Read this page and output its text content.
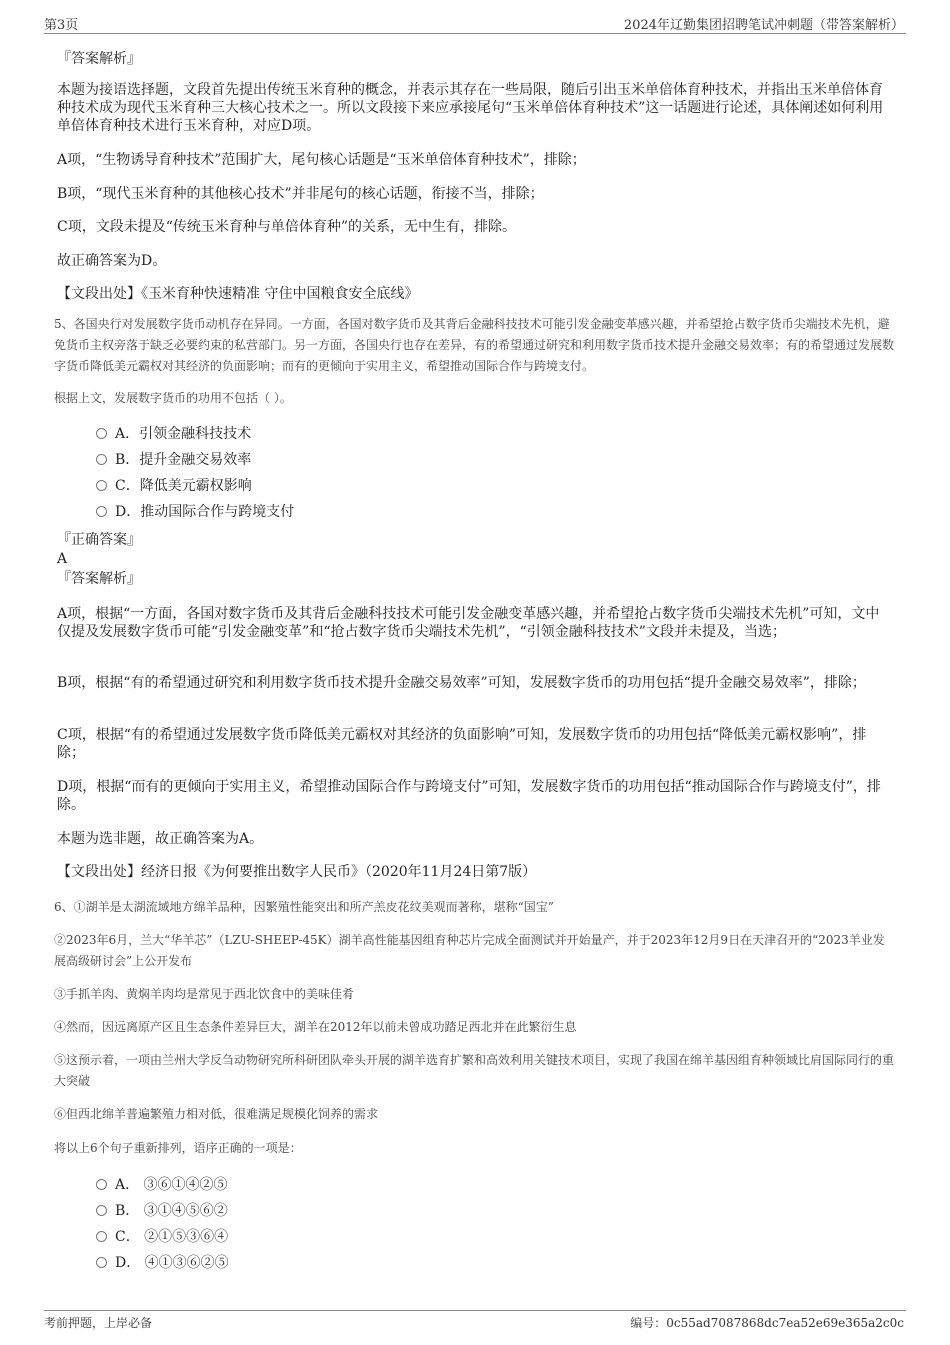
第3页	2024年辽勤集团招聘笔试冲刺题（带答案解析）
『答案解析』
本题为接语选择题，文段首先提出传统玉米育种的概念，并表示其存在一些局限，随后引出玉米单倍体育种技术，并指出玉米单倍体育种技术成为现代玉米育种三大核心技术之一。所以文段接下来应承接尾句“玉米单倍体育种技术”这一话题进行论述，具体阐述如何利用单倍体育种技术进行玉米育种，对应D项。
A项，“生物诱导育种技术”范围扩大，尾句核心话题是“玉米单倍体育种技术”，排除；
B项，“现代玉米育种的其他核心技术”并非尾句的核心话题，衔接不当，排除；
C项，文段未提及“传统玉米育种与单倍体育种”的关系，无中生有，排除。
故正确答案为D。
【文段出处】《玉米育种快速精准 守住中国粮食安全底线》
5、各国央行对发展数字货币动机存在异同。一方面，各国对数字货币及其背后金融科技技术可能引发金融变革感兴趣，并希望抢占数字货币尖端技术先机，避免货币主权旁落于缺乏必要约束的私营部门。另一方面，各国央行也存在差异，有的希望通过研究和利用数字货币技术提升金融交易效率；有的希望通过发展数字货币降低美元霸权对其经济的负面影响；而有的更倾向于实用主义，希望推动国际合作与跨境支付。
根据上文，发展数字货币的功用不包括（ ）。
A．引领金融科技技术
B．提升金融交易效率
C．降低美元霸权影响
D．推动国际合作与跨境支付
『正确答案』
A
『答案解析』
A项，根据“一方面，各国对数字货币及其背后金融科技技术可能引发金融变革感兴趣，并希望抢占数字货币尖端技术先机”可知，文中仅提及发展数字货币可能“引发金融变革”和“抢占数字货币尖端技术先机”，“引领金融科技技术”文段并未提及，当选；
B项，根据“有的希望通过研究和利用数字货币技术提升金融交易效率”可知，发展数字货币的功用包括“提升金融交易效率”，排除；
C项，根据“有的希望通过发展数字货币降低美元霸权对其经济的负面影响”可知，发展数字货币的功用包括“降低美元霸权影响”，排除；
D项，根据“而有的更倾向于实用主义，希望推动国际合作与跨境支付”可知，发展数字货币的功用包括“推动国际合作与跨境支付”，排除。
本题为选非题，故正确答案为A。
【文段出处】经济日报《为何要推出数字人民币》（2020年11月24日第7版）
6、①湖羊是太湖流域地方绵羊品种，因繁殖性能突出和所产羔皮花纹美观而著称，堪称“国宝”
②2023年6月，兰大“华羊芯”（LZU-SHEEP-45K）湖羊高性能基因组育种芯片完成全面测试并开始量产，并于2023年12月9日在天津召开的“2023羊业发展高级研讨会”上公开发布
③手抓羊肉、黄焖羊肉均是常见于西北饮食中的美味佳肴
④然而，因远离原产区且生态条件差异巨大，湖羊在2012年以前未曾成功踏足西北并在此繁衍生息
⑤这预示着，一项由兰州大学反刍动物研究所科研团队牵头开展的湖羊选育扩繁和高效利用关键技术项目，实现了我国在绵羊基因组育种领域比肩国际同行的重大突破
⑥但西北绵羊普遍繁殖力相对低，很难满足规模化饲养的需求
将以上6个句子重新排列，语序正确的一项是：
A． ③⑥①④②⑤
B． ③①④⑤⑥②
C． ②①⑤③⑥④
D． ④①③⑥②⑤
考前押题，上岸必备	编号：0c55ad7087868dc7ea52e69e365a2c0c
